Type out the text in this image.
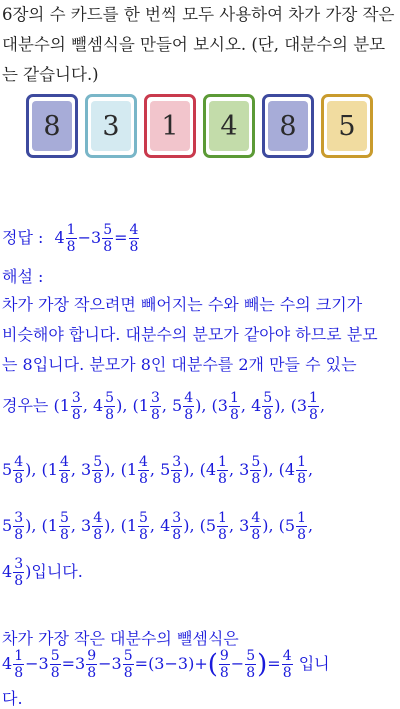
6장의 수 카드를 한 번씩 모두 사용하여 차가 가장 작은 대분수의 뺄셈식을 만들어 보시오. (단, 대분수의 분모는 같습니다.)
8	3	1	4	8	5
정답 : $4 \frac{1}{8} -3 \frac{5}{8} = \frac{4}{8}$
해설 :
차가 가장 작으려면 빼어지는 수와 빼는 수의 크기가
비슷해야 합니다. 대분수의 분모가 같아야 하므로 분모
는 8입니다. 분모가 8인 대분수를 2개 만들 수 있는
경우는 ($1 \frac{3}{8}$ , $4 \frac{5}{8}$ ), ($1 \frac{3}{8}$ , $5 \frac{4}{8}$ ), ($3 \frac{1}{8}$ , $4 \frac{5}{8}$ ), ($3 \frac{1}{8}$ ,
$5 \frac{4}{8}$ ), ($1 \frac{4}{8}$ , $3 \frac{5}{8}$ ), ($1 \frac{4}{8}$ , $5 \frac{3}{8}$ ), ($4 \frac{1}{8}$ , $3 \frac{5}{8}$ ), ($4 \frac{1}{8}$ ,
$5 \frac{3}{8}$ ), ($1 \frac{5}{8}$ , $3 \frac{4}{8}$ ), ($1 \frac{5}{8}$ , $4 \frac{3}{8}$ ), ($5 \frac{1}{8}$ , $3 \frac{4}{8}$ ), ($5 \frac{1}{8}$ ,
$4 \frac{3}{8}$ )입니다.
차가 가장 작은 대분수의 뺄셈식은
$4 \frac{1}{8} -3 \frac{5}{8} =3 \frac{9}{8} -3 \frac{5}{8} =(3-3)+( \frac{9}{8} - \frac{5}{8}$ )= $\frac{4}{8}$ 입니
다.
